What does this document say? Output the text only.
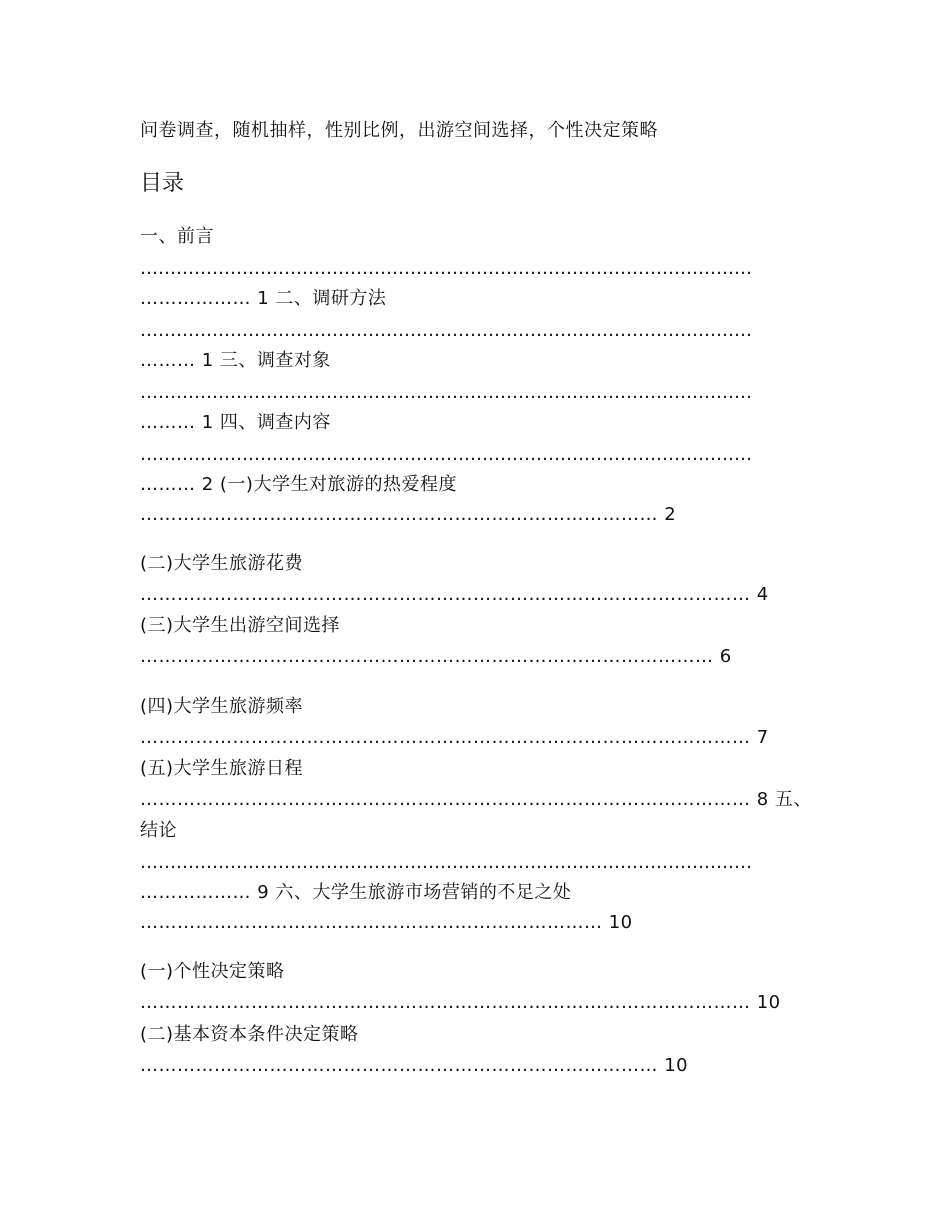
问卷调查，随机抽样，性别比例，出游空间选择，个性决定策略
目录
一、前言
…………………………………………………………………………………………
……………… 1 二、调研方法
…………………………………………………………………………………………
……… 1 三、调查对象
…………………………………………………………………………………………
……… 1 四、调查内容
…………………………………………………………………………………………
……… 2 (一)大学生对旅游的热爱程度
………………………………………………………………………… 2
(二)大学生旅游花费
……………………………………………………………………………………… 4
(三)大学生出游空间选择
………………………………………………………………………………… 6
(四)大学生旅游频率
……………………………………………………………………………………… 7
(五)大学生旅游日程
……………………………………………………………………………………… 8 五、
结论
…………………………………………………………………………………………
……………… 9 六、大学生旅游市场营销的不足之处
………………………………………………………………… 10
(一)个性决定策略
……………………………………………………………………………………… 10
(二)基本资本条件决定策略
………………………………………………………………………… 10
